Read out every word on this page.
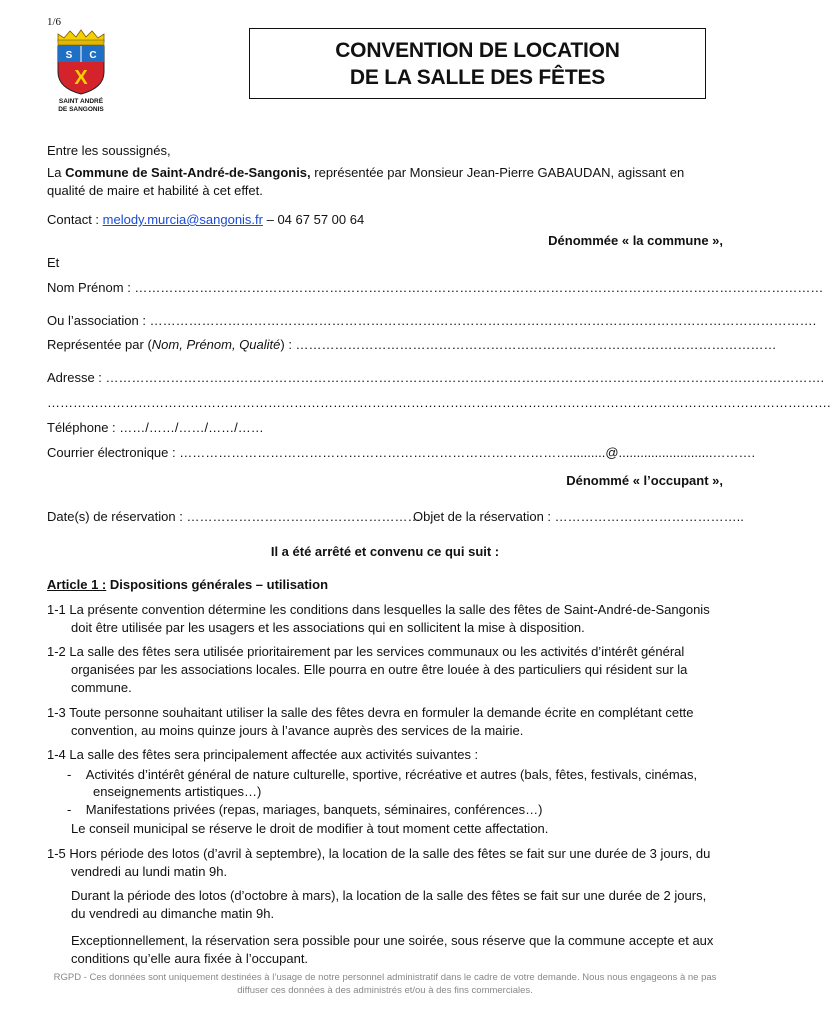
1/6
S C
X
SAINT ANDRÉ
DE SANGONIS
CONVENTION DE LOCATION
DE LA SALLE DES FÊTES
Entre les soussignés,
La Commune de Saint-André-de-Sangonis, représentée par Monsieur Jean-Pierre GABAUDAN, agissant en qualité de maire et habilité à cet effet.
Contact : melody.murcia@sangonis.fr – 04 67 57 00 64
Dénommée « la commune »,
Et
Nom Prénom : ……………………………………………………………………………………………………………………………………………
Ou l’association : ……………………………………………………………………………………………………………………………………….
Représentée par (Nom, Prénom, Qualité) : …………………………………………………………………………………………………
Adresse : ………………………………………………………………………………………………………………………………………………….
……………………………………………………………………………………………………………………………………………………………….
Téléphone : ……/……/……/……/……
Courrier électronique : ………………………………………………………………………………..........@..........................……….
Dénommé « l’occupant »,
Date(s) de réservation : ………………………………………………
Objet de la réservation : ……………………………………..
Il a été arrêté et convenu ce qui suit :
Article 1 : Dispositions générales – utilisation
1-1 La présente convention détermine les conditions dans lesquelles la salle des fêtes de Saint-André-de-Sangonis doit être utilisée par les usagers et les associations qui en sollicitent la mise à disposition.
1-2 La salle des fêtes sera utilisée prioritairement par les services communaux ou les activités d’intérêt général organisées par les associations locales. Elle pourra en outre être louée à des particuliers qui résident sur la commune.
1-3 Toute personne souhaitant utiliser la salle des fêtes devra en formuler la demande écrite en complétant cette convention, au moins quinze jours à l’avance auprès des services de la mairie.
1-4 La salle des fêtes sera principalement affectée aux activités suivantes :
-    Activités d’intérêt général de nature culturelle, sportive, récréative et autres (bals, fêtes, festivals, cinémas, enseignements artistiques…)
-    Manifestations privées (repas, mariages, banquets, séminaires, conférences…)
Le conseil municipal se réserve le droit de modifier à tout moment cette affectation.
1-5 Hors période des lotos (d’avril à septembre), la location de la salle des fêtes se fait sur une durée de 3 jours, du vendredi au lundi matin 9h.
Durant la période des lotos (d’octobre à mars), la location de la salle des fêtes se fait sur une durée de 2 jours, du vendredi au dimanche matin 9h.
Exceptionnellement, la réservation sera possible pour une soirée, sous réserve que la commune accepte et aux conditions qu’elle aura fixée à l’occupant.
RGPD - Ces données sont uniquement destinées à l’usage de notre personnel administratif dans le cadre de votre demande. Nous nous engageons à ne pas diffuser ces données à des administrés et/ou à des fins commerciales.
